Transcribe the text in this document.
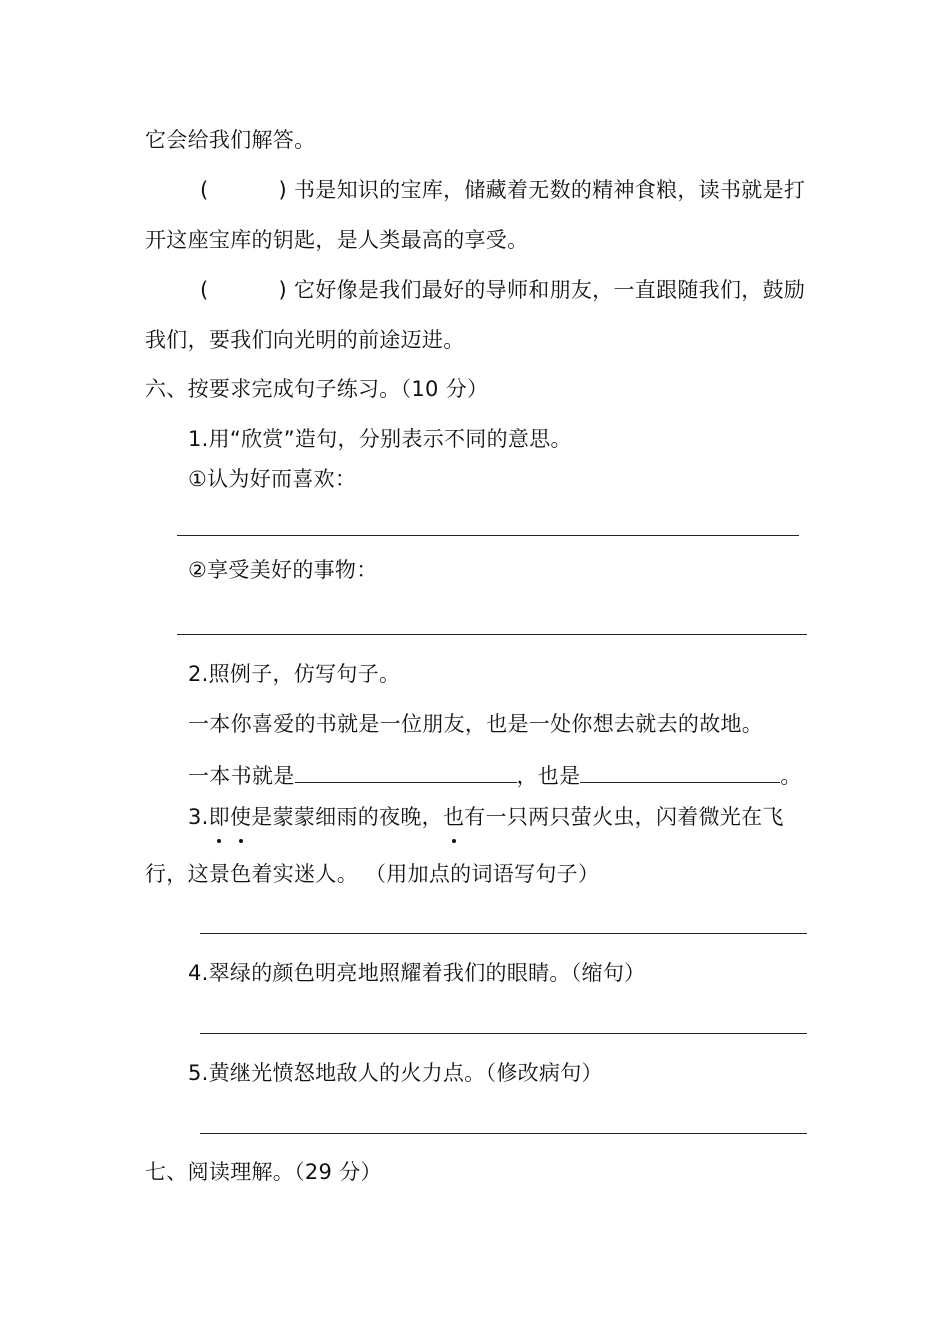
它会给我们解答。
(	) 书是知识的宝库，储藏着无数的精神食粮，读书就是打
开这座宝库的钥匙，是人类最高的享受。
(	) 它好像是我们最好的导师和朋友，一直跟随我们，鼓励
我们，要我们向光明的前途迈进。
六、按要求完成句子练习。（10 分）
1.用“欣赏”造句，分别表示不同的意思。
①认为好而喜欢：
②享受美好的事物：
2.照例子，仿写句子。
一本你喜爱的书就是一位朋友，也是一处你想去就去的故地。
一本书就是	，也是	。
3.即使是蒙蒙细雨的夜晚，也有一只两只萤火虫，闪着微光在飞
行，这景色着实迷人。 （用加点的词语写句子）
4.翠绿的颜色明亮地照耀着我们的眼睛。（缩句）
5.黄继光愤怒地敌人的火力点。（修改病句）
七、阅读理解。（29 分）
